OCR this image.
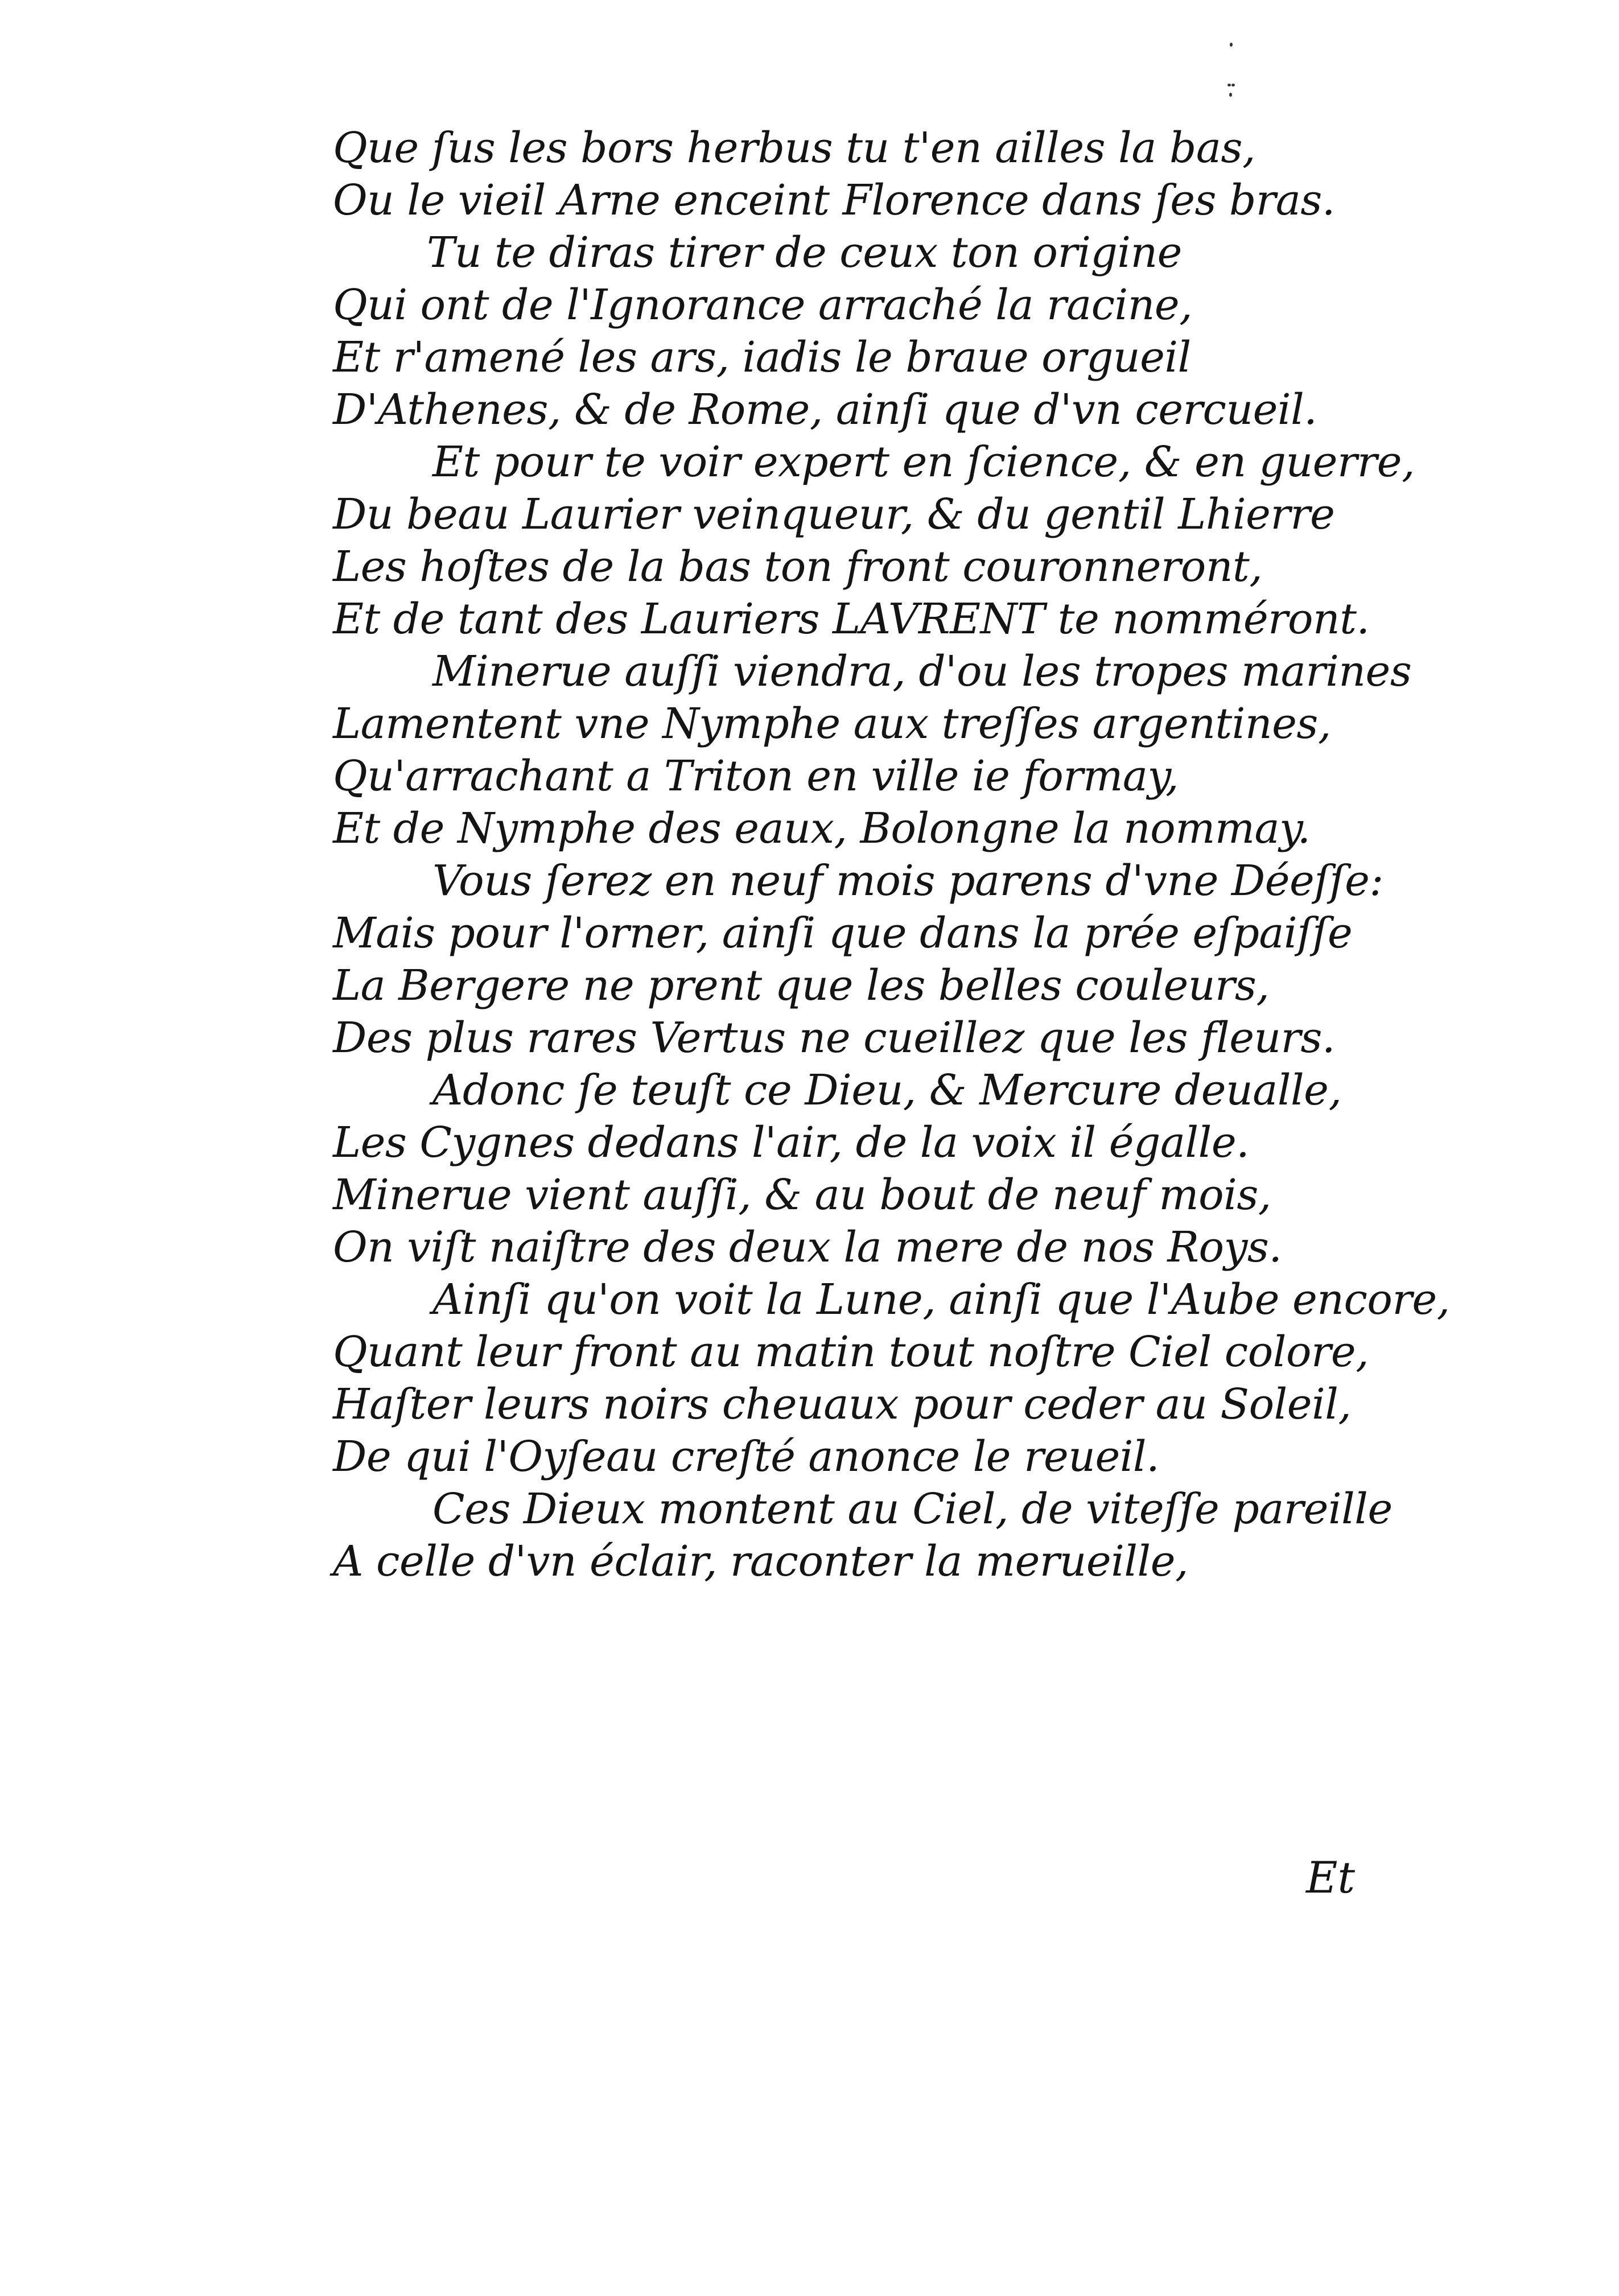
Que ſus les bors herbus tu t'en ailles la bas,
Ou le vieil Arne enceint Florence dans ſes bras.
Tu te diras tirer de ceux ton origine
Qui ont de l'Ignorance arraché la racine,
Et r'amené les ars, iadis le braue orgueil
D'Athenes, & de Rome, ainſi que d'vn cercueil.
Et pour te voir expert en ſcience, & en guerre,
Du beau Laurier veinqueur, & du gentil Lhierre
Les hoſtes de la bas ton front couronneront,
Et de tant des Lauriers LAVRENT te nomméront.
Minerue auſſi viendra, d'ou les tropes marines
Lamentent vne Nymphe aux treſſes argentines,
Qu'arrachant a Triton en ville ie formay,
Et de Nymphe des eaux, Bolongne la nommay.
Vous ſerez en neuf mois parens d'vne Déeſſe:
Mais pour l'orner, ainſi que dans la prée eſpaiſſe
La Bergere ne prent que les belles couleurs,
Des plus rares Vertus ne cueillez que les fleurs.
Adonc ſe teuſt ce Dieu, & Mercure deualle,
Les Cygnes dedans l'air, de la voix il égalle.
Minerue vient auſſi, & au bout de neuf mois,
On viſt naiſtre des deux la mere de nos Roys.
Ainſi qu'on voit la Lune, ainſi que l'Aube encore,
Quant leur front au matin tout noſtre Ciel colore,
Haſter leurs noirs cheuaux pour ceder au Soleil,
De qui l'Oyſeau creſté anonce le reueil.
Ces Dieux montent au Ciel, de viteſſe pareille
A celle d'vn éclair, raconter la merueille,
Et
